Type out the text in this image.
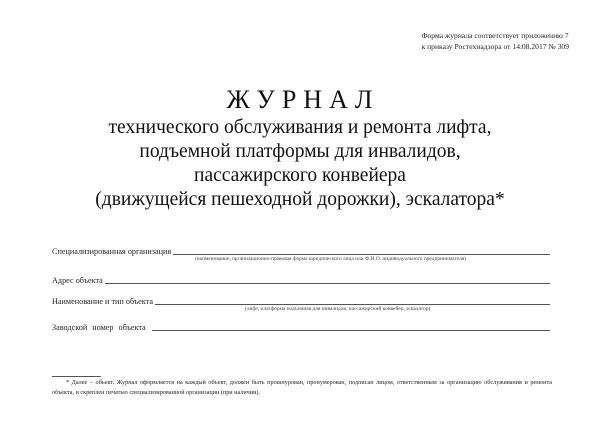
Форма журнала соответствует приложению 7
к приказу Ростехнадзора от 14.08.2017 № 309
ЖУРНАЛ

технического обслуживания и ремонта лифта,

подъемной платформы для инвалидов,

пассажирского конвейера

(движущейся пешеходной дорожки), эскалатора*

Специализированная организация
(наименование, организационно-правовая форма юридического лица или Ф.И.О. индивидуального предпринимателя)
Адрес объекта
Наименование и тип объекта
(лифт, платформа подъемная для инвалидов, пассажирский конвейер, эскалатор)
Заводской номер объекта
* Далее – объект. Журнал оформляется на каждый объект, должен быть прошнурован, пронумерован, подписан лицом, ответственным за организацию обслуживания и ремонта объекта, и скреплен печатью специализированной организации (при наличии).
